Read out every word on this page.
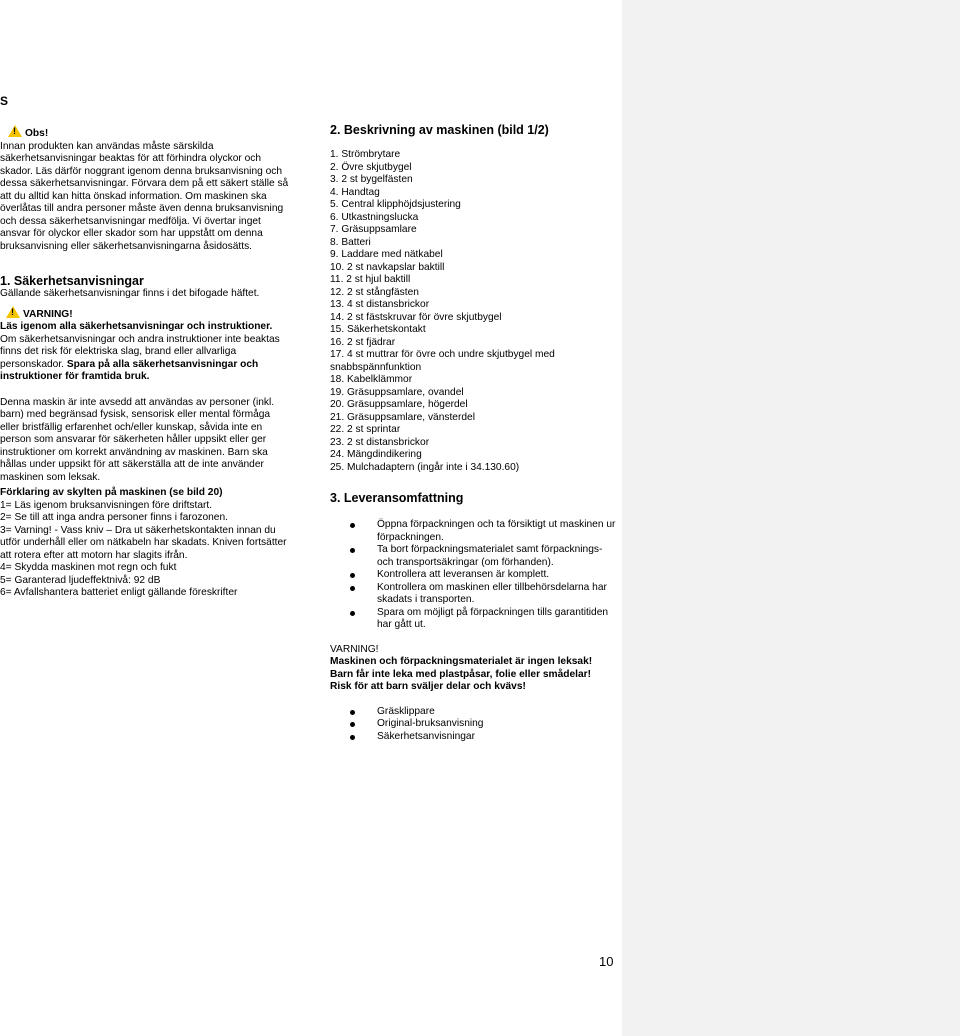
S
!Obs!
Innan produkten kan användas måste särskilda säkerhetsanvisningar beaktas för att förhindra olyckor och skador. Läs därför noggrant igenom denna bruksanvisning och dessa säkerhetsanvisningar. Förvara dem på ett säkert ställe så att du alltid kan hitta önskad information. Om maskinen ska överlåtas till andra personer måste även denna bruksanvisning och dessa säkerhetsanvisningar medfölja. Vi övertar inget ansvar för olyckor eller skador som har uppstått om denna bruksanvisning eller säkerhetsanvisningarna åsidosätts.
1. Säkerhetsanvisningar
Gällande säkerhetsanvisningar finns i det bifogade häftet.
!VARNING!
Läs igenom alla säkerhetsanvisningar och instruktioner.
Om säkerhetsanvisningar och andra instruktioner inte beaktas finns det risk för elektriska slag, brand eller allvarliga personskador. Spara på alla säkerhetsanvisningar och instruktioner för framtida bruk.
Denna maskin är inte avsedd att användas av personer (inkl. barn) med begränsad fysisk, sensorisk eller mental förmåga eller bristfällig erfarenhet och/eller kunskap, såvida inte en person som ansvarar för säkerheten håller uppsikt eller ger instruktioner om korrekt användning av maskinen. Barn ska hållas under uppsikt för att säkerställa att de inte använder maskinen som leksak.
Förklaring av skylten på maskinen (se bild 20)
1= Läs igenom bruksanvisningen före driftstart.
2= Se till att inga andra personer finns i farozonen.
3= Varning! - Vass kniv – Dra ut säkerhetskontakten innan du utför underhåll eller om nätkabeln har skadats. Kniven fortsätter att rotera efter att motorn har slagits ifrån.
4= Skydda maskinen mot regn och fukt
5= Garanterad ljudeffektnivå: 92 dB
6= Avfallshantera batteriet enligt gällande föreskrifter
2. Beskrivning av maskinen (bild 1/2)
1. Strömbrytare
2. Övre skjutbygel
3. 2 st bygelfästen
4. Handtag
5. Central klipphöjdsjustering
6. Utkastningslucka
7. Gräsuppsamlare
8. Batteri
9. Laddare med nätkabel
10. 2 st navkapslar baktill
11. 2 st hjul baktill
12. 2 st stångfästen
13. 4 st distansbrickor
14. 2 st fästskruvar för övre skjutbygel
15. Säkerhetskontakt
16. 2 st fjädrar
17. 4 st muttrar för övre och undre skjutbygel med snabbspännfunktion
18. Kabelklämmor
19. Gräsuppsamlare, ovandel
20. Gräsuppsamlare, högerdel
21. Gräsuppsamlare, vänsterdel
22. 2 st sprintar
23. 2 st distansbrickor
24. Mängdindikering
25. Mulchadaptern (ingår inte i 34.130.60)
3. Leveransomfattning
Öppna förpackningen och ta försiktigt ut maskinen ur förpackningen.
Ta bort förpackningsmaterialet samt förpacknings- och transportsäkringar (om förhanden).
Kontrollera att leveransen är komplett.
Kontrollera om maskinen eller tillbehörsdelarna har skadats i transporten.
Spara om möjligt på förpackningen tills garantitiden har gått ut.
VARNING!
Maskinen och förpackningsmaterialet är ingen leksak!
Barn får inte leka med plastpåsar, folie eller smådelar!
Risk för att barn sväljer delar och kvävs!
Gräsklippare
Original-bruksanvisning
Säkerhetsanvisningar
10
